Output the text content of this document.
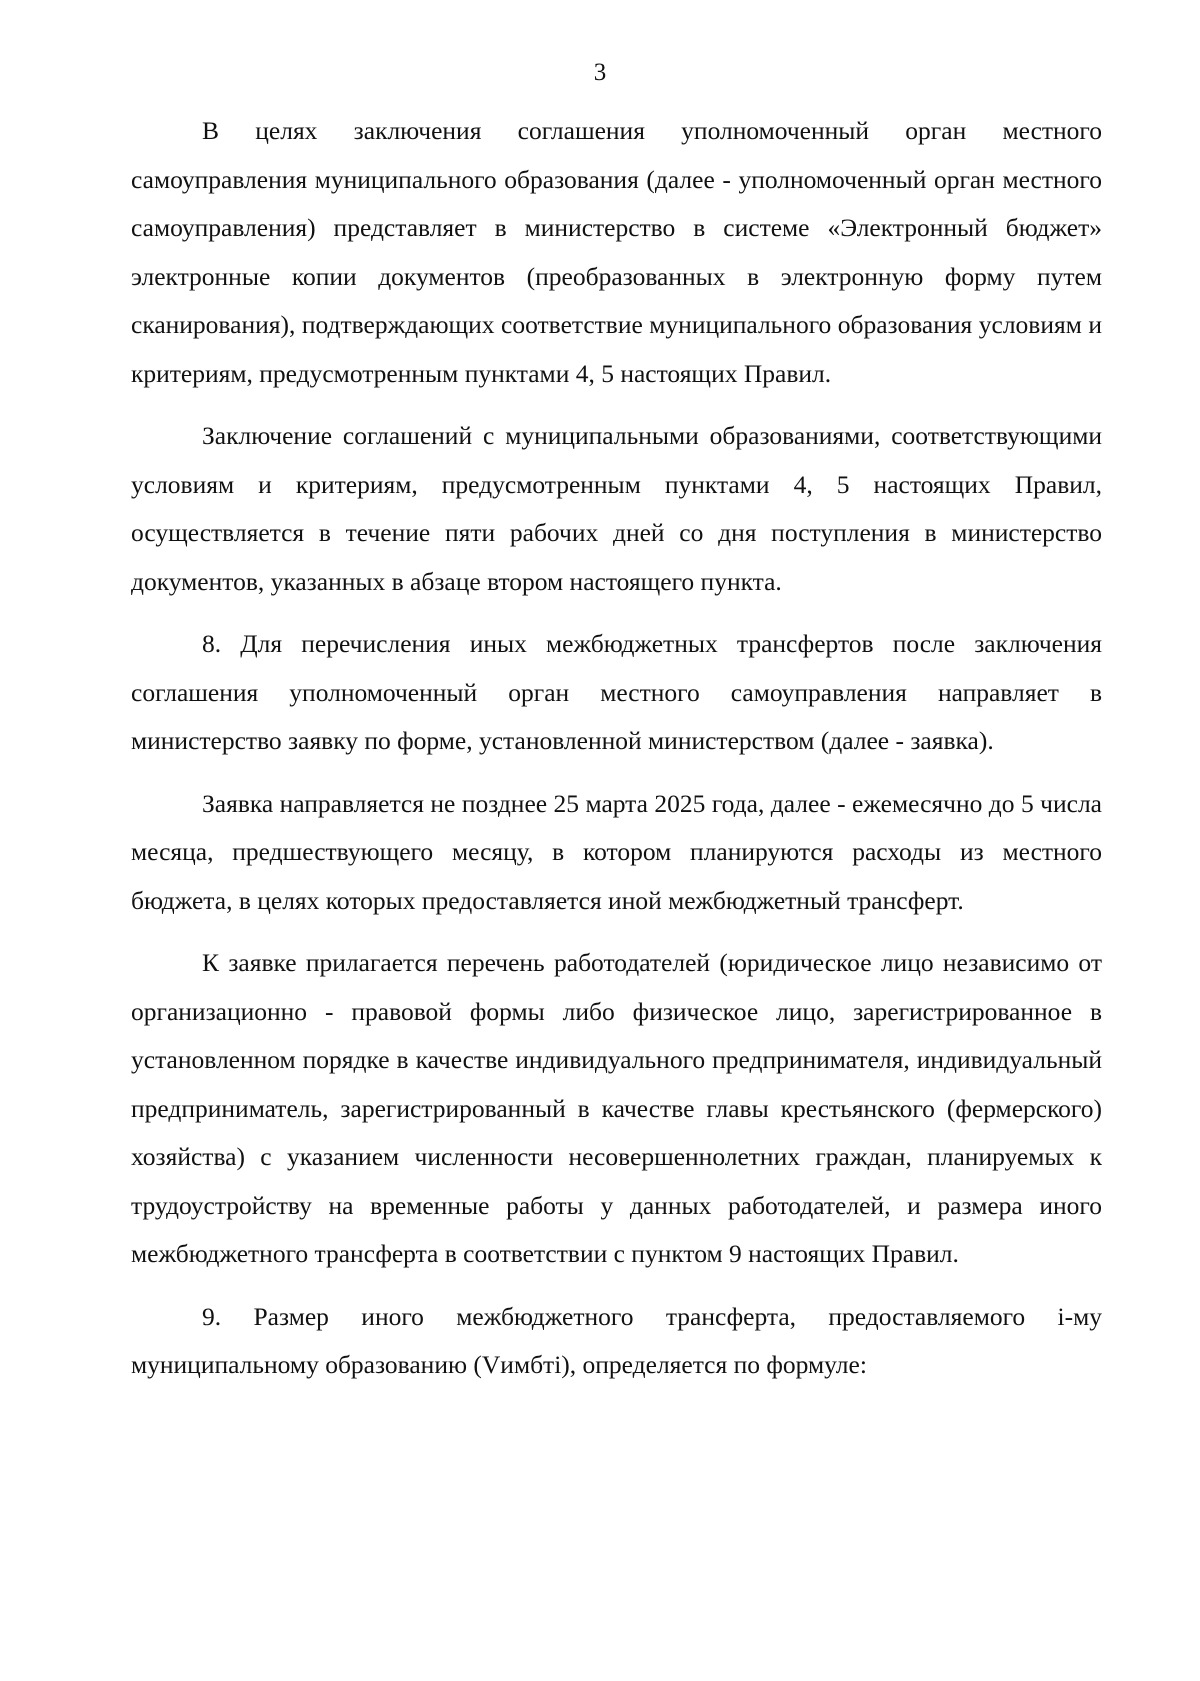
3

В целях заключения соглашения уполномоченный орган местного самоуправления муниципального образования (далее - уполномоченный орган местного самоуправления) представляет в министерство в системе «Электронный бюджет» электронные копии документов (преобразованных в электронную форму путем сканирования), подтверждающих соответствие муниципального образования условиям и критериям, предусмотренным пунктами 4, 5 настоящих Правил.

Заключение соглашений с муниципальными образованиями, соответствующими условиям и критериям, предусмотренным пунктами 4, 5 настоящих Правил, осуществляется в течение пяти рабочих дней со дня поступления в министерство документов, указанных в абзаце втором настоящего пункта.

8. Для перечисления иных межбюджетных трансфертов после заключения соглашения уполномоченный орган местного самоуправления направляет в министерство заявку по форме, установленной министерством (далее - заявка).

Заявка направляется не позднее 25 марта 2025 года, далее - ежемесячно до 5 числа месяца, предшествующего месяцу, в котором планируются расходы из местного бюджета, в целях которых предоставляется иной межбюджетный трансферт.

К заявке прилагается перечень работодателей (юридическое лицо независимо от организационно - правовой формы либо физическое лицо, зарегистрированное в установленном порядке в качестве индивидуального предпринимателя, индивидуальный предприниматель, зарегистрированный в качестве главы крестьянского (фермерского) хозяйства) с указанием численности несовершеннолетних граждан, планируемых к трудоустройству на временные работы у данных работодателей, и размера иного межбюджетного трансферта в соответствии с пунктом 9 настоящих Правил.

9. Размер иного межбюджетного трансферта, предоставляемого i-му муниципальному образованию (Vимбтi), определяется по формуле:
